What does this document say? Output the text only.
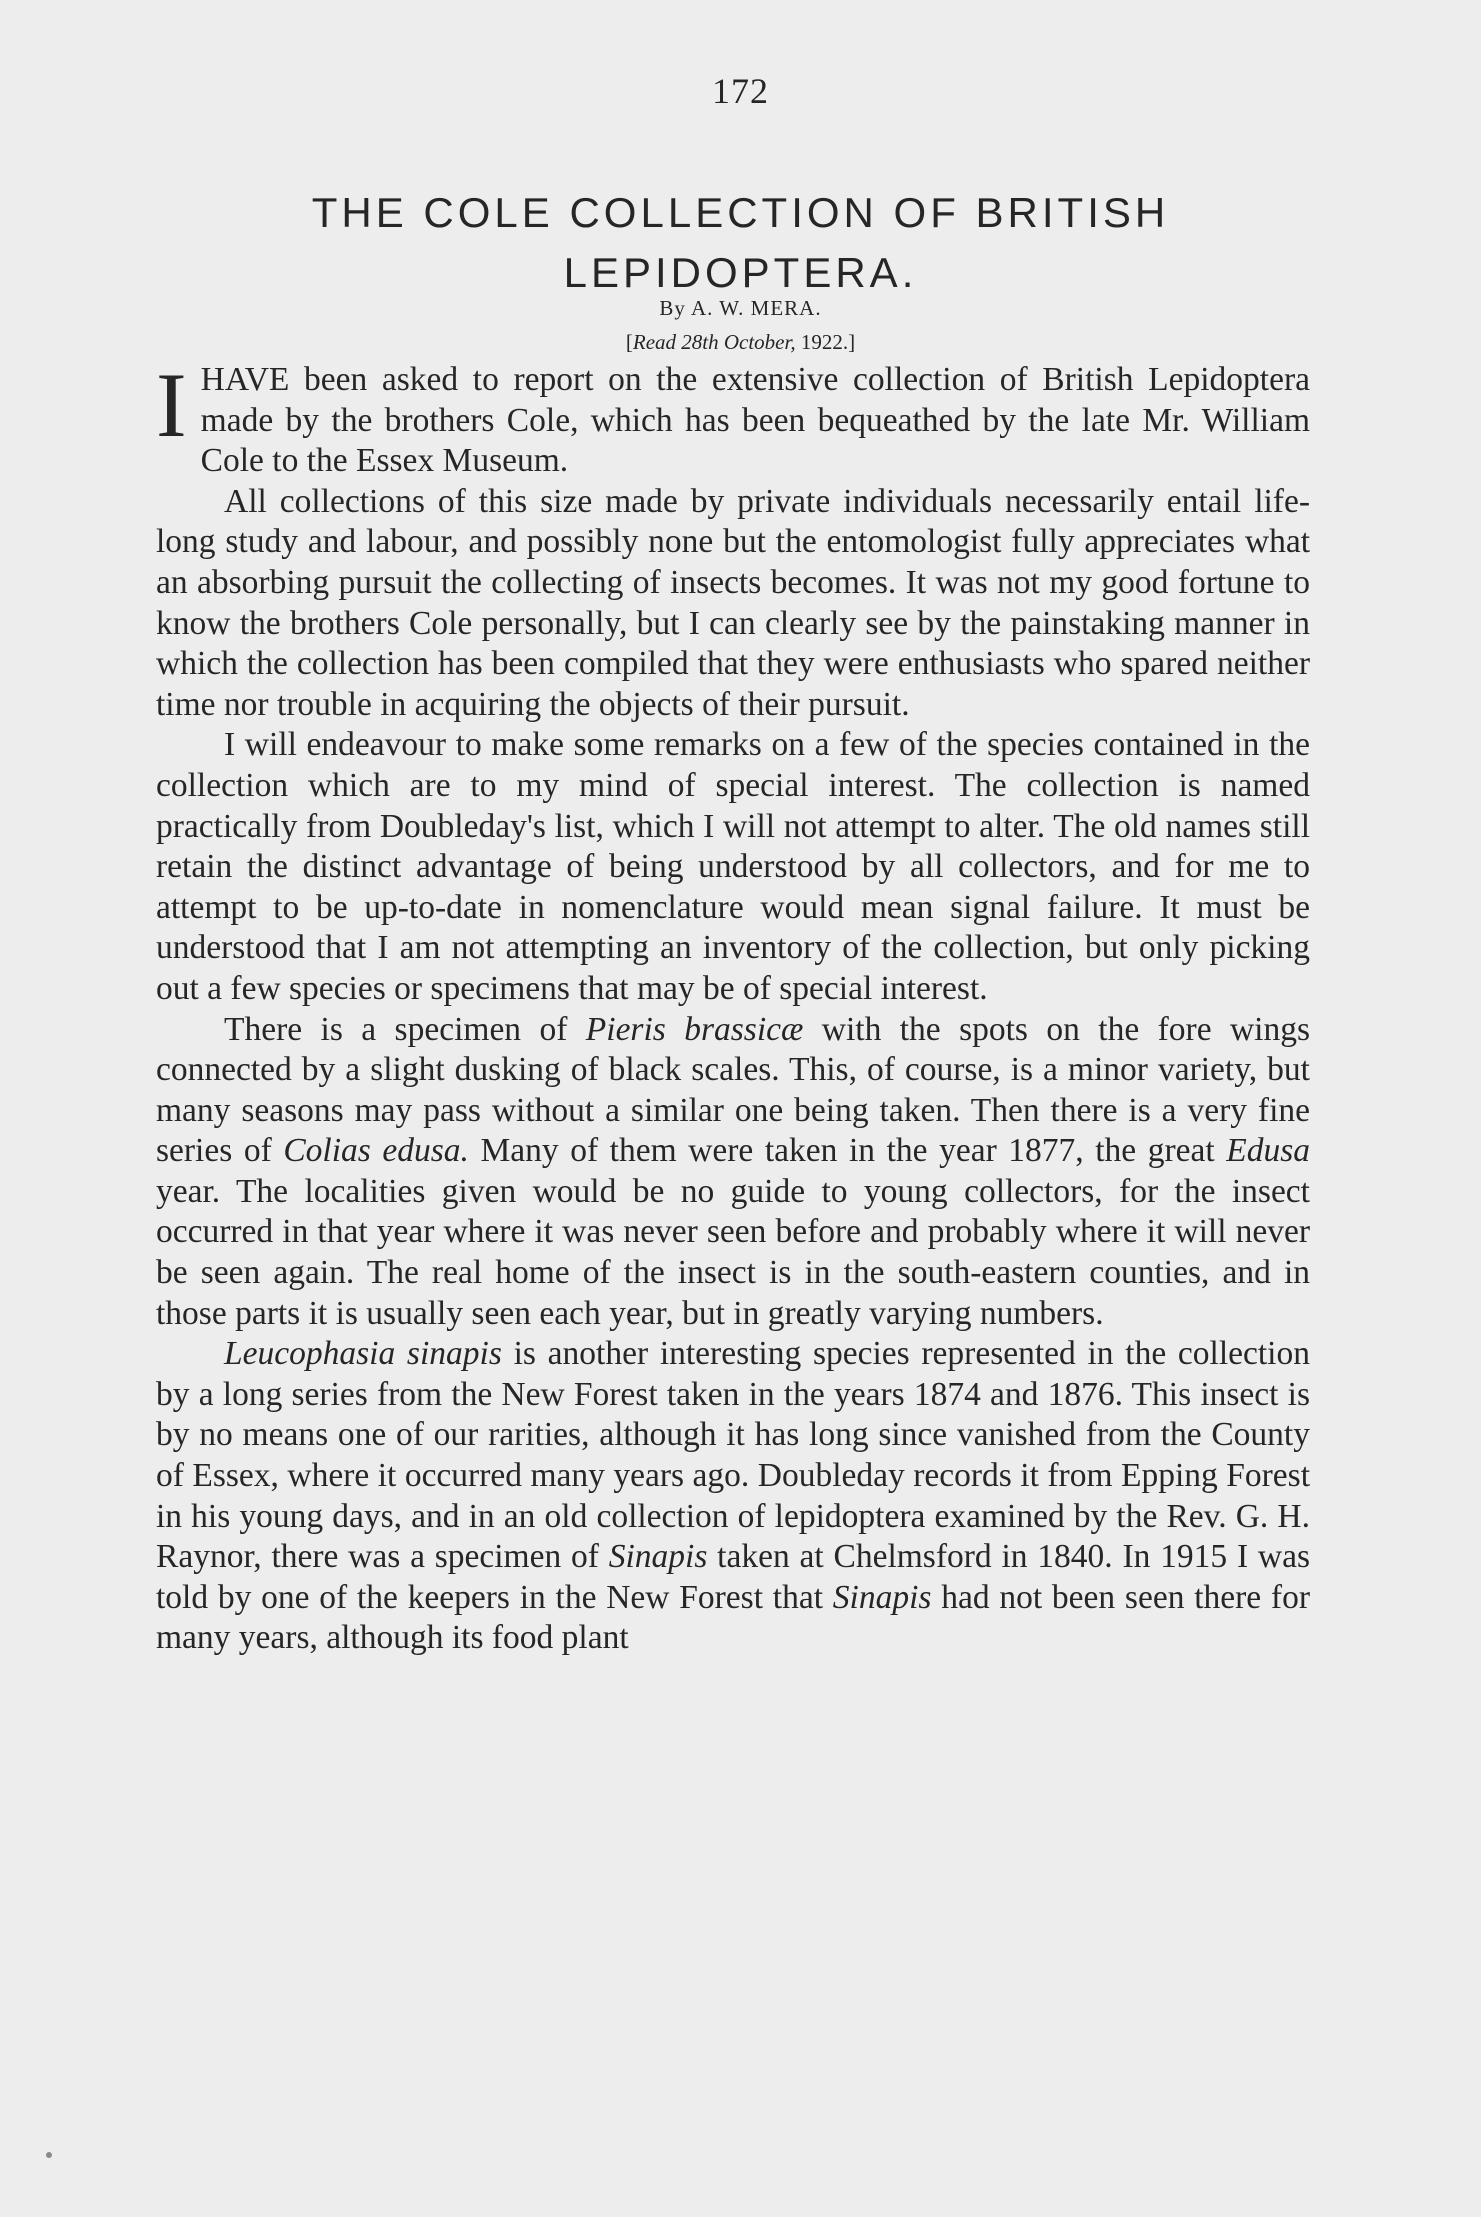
172
THE COLE COLLECTION OF BRITISH LEPIDOPTERA.
By A. W. MERA.
[Read 28th October, 1922.]

IHAVE been asked to report on the extensive collection of British Lepidoptera made by the brothers Cole, which has been bequeathed by the late Mr. William Cole to the Essex Museum.

All collections of this size made by private individuals necessarily entail life-long study and labour, and possibly none but the entomologist fully appreciates what an absorbing pursuit the collecting of insects becomes. It was not my good fortune to know the brothers Cole personally, but I can clearly see by the painstaking manner in which the collection has been compiled that they were enthusiasts who spared neither time nor trouble in acquiring the objects of their pursuit.

I will endeavour to make some remarks on a few of the species contained in the collection which are to my mind of special interest. The collection is named practically from Doubleday's list, which I will not attempt to alter. The old names still retain the distinct advantage of being understood by all collectors, and for me to attempt to be up-to-date in nomenclature would mean signal failure. It must be understood that I am not attempting an inventory of the collection, but only picking out a few species or specimens that may be of special interest.

There is a specimen of Pieris brassicæ with the spots on the fore wings connected by a slight dusking of black scales. This, of course, is a minor variety, but many seasons may pass without a similar one being taken. Then there is a very fine series of Colias edusa. Many of them were taken in the year 1877, the great Edusa year. The localities given would be no guide to young collectors, for the insect occurred in that year where it was never seen before and probably where it will never be seen again. The real home of the insect is in the south-eastern counties, and in those parts it is usually seen each year, but in greatly varying numbers.

Leucophasia sinapis is another interesting species represented in the collection by a long series from the New Forest taken in the years 1874 and 1876. This insect is by no means one of our rarities, although it has long since vanished from the County of Essex, where it occurred many years ago. Doubleday records it from Epping Forest in his young days, and in an old collection of lepidoptera examined by the Rev. G. H. Raynor, there was a specimen of Sinapis taken at Chelmsford in 1840. In 1915 I was told by one of the keepers in the New Forest that Sinapis had not been seen there for many years, although its food plant
